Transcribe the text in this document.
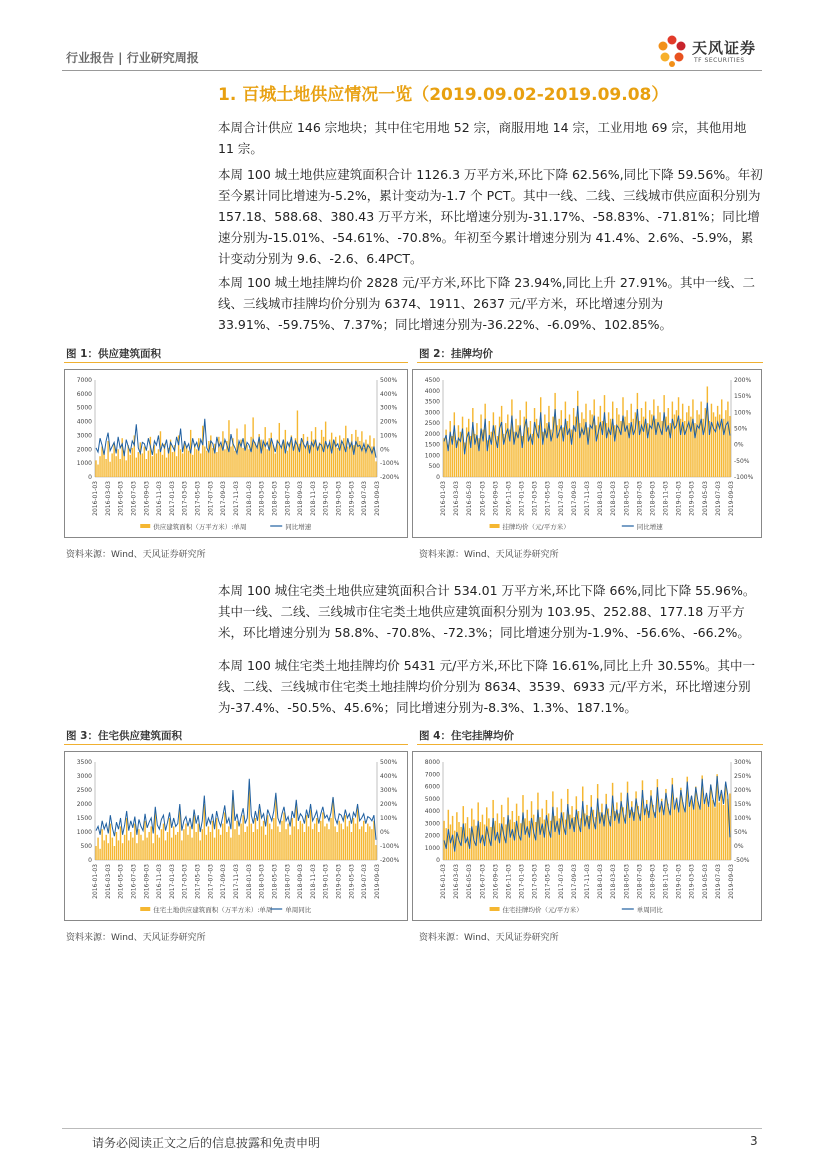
行业报告 | 行业研究周报
天风证券
TF SECURITIES
1. 百城土地供应情况一览（2019.09.02-2019.09.08）

本周合计供应 146 宗地块；其中住宅用地 52 宗，商服用地 14 宗，工业用地 69 宗，其他用地 11 宗。

本周 100 城土地供应建筑面积合计 1126.3 万平方米,环比下降 62.56%,同比下降 59.56%。年初至今累计同比增速为-5.2%，累计变动为-1.7 个 PCT。其中一线、二线、三线城市供应面积分别为 157.18、588.68、380.43 万平方米，环比增速分别为-31.17%、-58.83%、-71.81%；同比增速分别为-15.01%、-54.61%、-70.8%。年初至今累计增速分别为 41.4%、2.6%、-5.9%，累计变动分别为 9.6、-2.6、6.4PCT。

本周 100 城土地挂牌均价 2828 元/平方米,环比下降 23.94%,同比上升 27.91%。其中一线、二线、三线城市挂牌均价分别为 6374、1911、2637 元/平方米，环比增速分别为 33.91%、-59.75%、7.37%；同比增速分别为-36.22%、-6.09%、102.85%。

图 1：供应建筑面积	图 2：挂牌均价
7000
6000
5000
4000
3000
2000
1000
0
500%
400%
300%
200%
100%
0%
-100%
-200%
2016-01-03 2016-03-03 2016-05-03 2016-07-03 2016-09-03 2016-11-03 2017-01-03 2017-03-03 2017-05-03 2017-07-03 2017-09-03 2017-11-03 2018-01-03 2018-03-03 2018-05-03 2018-07-03 2018-09-03 2018-11-03 2019-01-03 2019-03-03 2019-05-03 2019-07-03 2019-09-03
供应建筑面积（万平方米）:单周	同比增速
4500
4000
3500
3000
2500
2000
1500
1000
500
0
200%
150%
100%
50%
0%
-50%
-100%
2016-01-03 2016-03-03 2016-05-03 2016-07-03 2016-09-03 2016-11-03 2017-01-03 2017-03-03 2017-05-03 2017-07-03 2017-09-03 2017-11-03 2018-01-03 2018-03-03 2018-05-03 2018-07-03 2018-09-03 2018-11-03 2019-01-03 2019-03-03 2019-05-03 2019-07-03 2019-09-03
挂牌均价（元/平方米）	同比增速
资料来源：Wind、天风证券研究所	资料来源：Wind、天风证券研究所

本周 100 城住宅类土地供应建筑面积合计 534.01 万平方米,环比下降 66%,同比下降 55.96%。其中一线、二线、三线城市住宅类土地供应建筑面积分别为 103.95、252.88、177.18 万平方米，环比增速分别为 58.8%、-70.8%、-72.3%；同比增速分别为-1.9%、-56.6%、-66.2%。

本周 100 城住宅类土地挂牌均价 5431 元/平方米,环比下降 16.61%,同比上升 30.55%。其中一线、二线、三线城市住宅类土地挂牌均价分别为 8634、3539、6933 元/平方米，环比增速分别为-37.4%、-50.5%、45.6%；同比增速分别为-8.3%、1.3%、187.1%。

图 3：住宅供应建筑面积	图 4：住宅挂牌均价
3500
3000
2500
2000
1500
1000
500
0
500%
400%
300%
200%
100%
0%
-100%
-200%
2016-01-03 2016-03-03 2016-05-03 2016-07-03 2016-09-03 2016-11-03 2017-01-03 2017-03-03 2017-05-03 2017-07-03 2017-09-03 2017-11-03 2018-01-03 2018-03-03 2018-05-03 2018-07-03 2018-09-03 2018-11-03 2019-01-03 2019-03-03 2019-05-03 2019-07-03 2019-09-03
住宅土地供应建筑面积（万平方米）:单周 单周同比
8000
7000
6000
5000
4000
3000
2000
1000
0
300%
250%
200%
150%
100%
50%
0%
-50%
2016-01-03 2016-03-03 2016-05-03 2016-07-03 2016-09-03 2016-11-03 2017-01-03 2017-03-03 2017-05-03 2017-07-03 2017-09-03 2017-11-03 2018-01-03 2018-03-03 2018-05-03 2018-07-03 2018-09-03 2018-11-03 2019-01-03 2019-03-03 2019-05-03 2019-07-03 2019-09-03
住宅挂牌均价（元/平方米）	单周同比
资料来源：Wind、天风证券研究所	资料来源：Wind、天风证券研究所
请务必阅读正文之后的信息披露和免责申明	3
